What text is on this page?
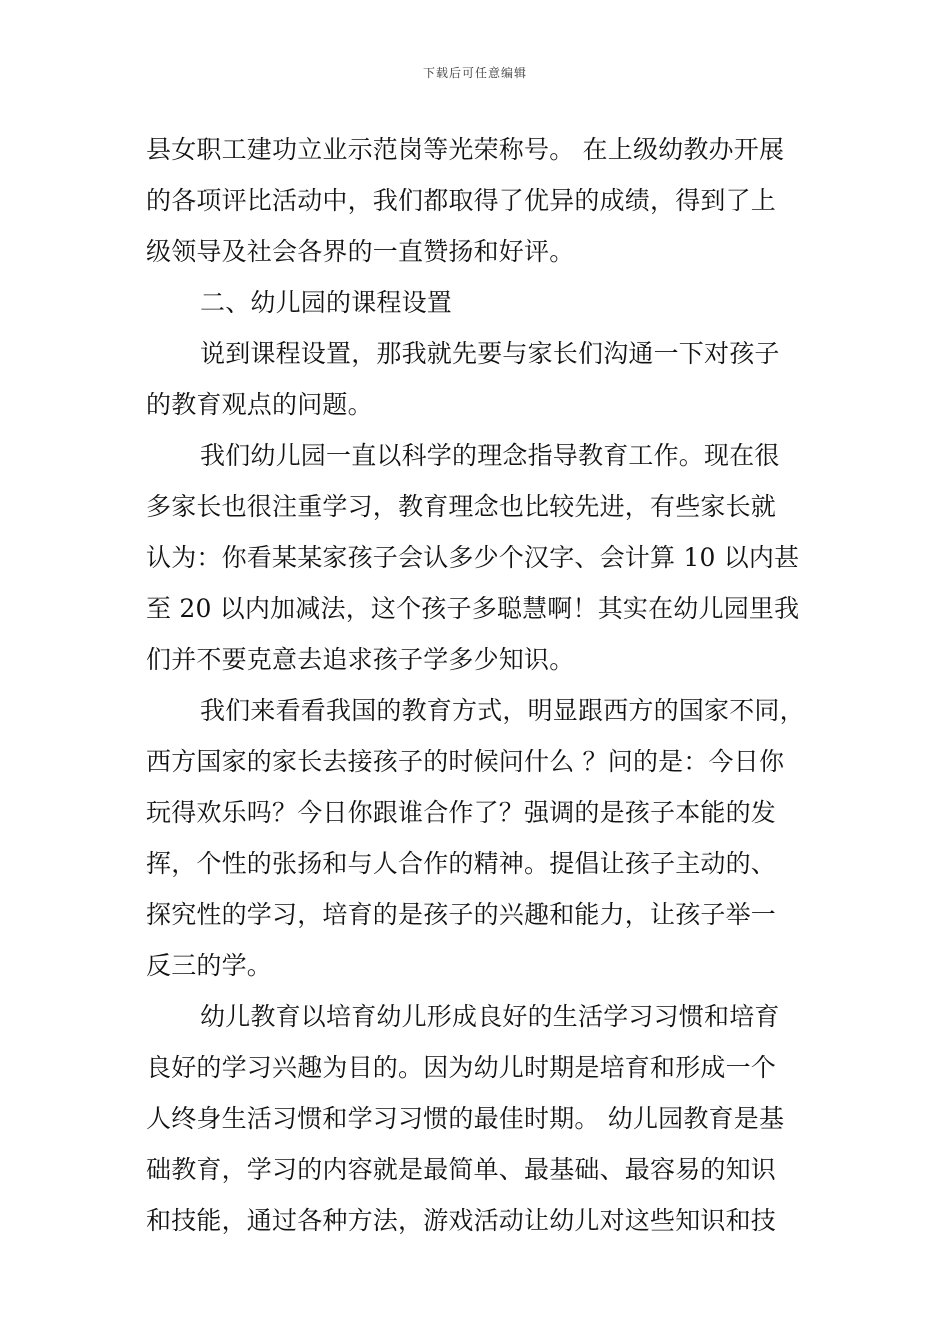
下载后可任意编辑
县女职工建功立业示范岗等光荣称号。 在上级幼教办开展
的各项评比活动中，我们都取得了优异的成绩，得到了上
级领导及社会各界的一直赞扬和好评。
二、幼儿园的课程设置
说到课程设置，那我就先要与家长们沟通一下对孩子
的教育观点的问题。
我们幼儿园一直以科学的理念指导教育工作。现在很
多家长也很注重学习，教育理念也比较先进，有些家长就
认为：你看某某家孩子会认多少个汉字、会计算 10 以内甚
至 20 以内加减法，这个孩子多聪慧啊！其实在幼儿园里我
们并不要克意去追求孩子学多少知识。
我们来看看我国的教育方式，明显跟西方的国家不同，
西方国家的家长去接孩子的时候问什么 ？问的是：今日你
玩得欢乐吗？今日你跟谁合作了？强调的是孩子本能的发
挥，个性的张扬和与人合作的精神。提倡让孩子主动的、
探究性的学习，培育的是孩子的兴趣和能力，让孩子举一
反三的学。
幼儿教育以培育幼儿形成良好的生活学习习惯和培育
良好的学习兴趣为目的。因为幼儿时期是培育和形成一个
人终身生活习惯和学习习惯的最佳时期。 幼儿园教育是基
础教育，学习的内容就是最简单、最基础、最容易的知识
和技能，通过各种方法，游戏活动让幼儿对这些知识和技
